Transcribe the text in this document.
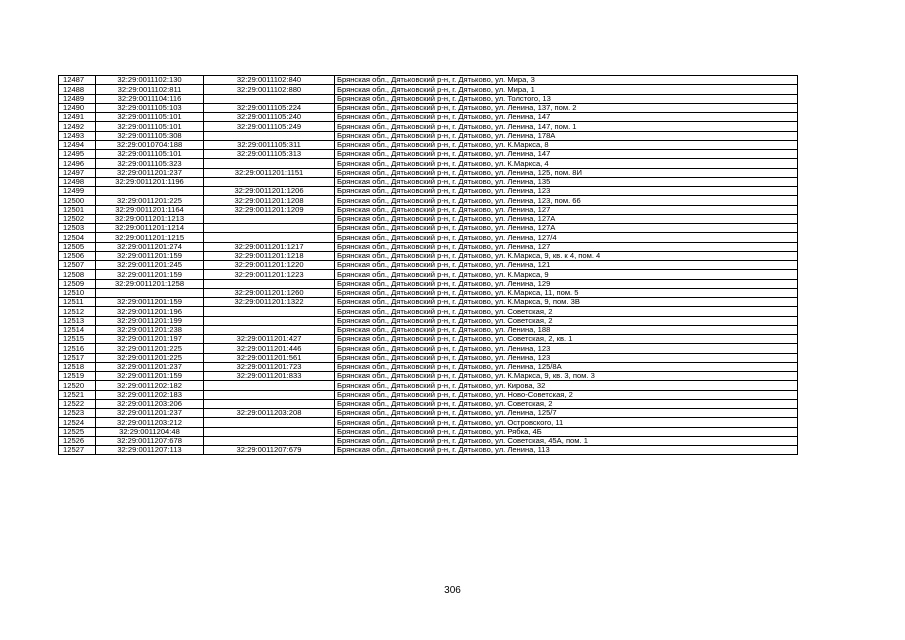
12487	32:29:0011102:130	32:29:0011102:840	Брянская обл., Дятьковский р-н, г. Дятьково, ул. Мира, 3
12488	32:29:0011102:811	32:29:0011102:880	Брянская обл., Дятьковский р-н, г. Дятьково, ул. Мира, 1
12489	32:29:0011104:116		Брянская обл., Дятьковский р-н, г. Дятьково, ул. Толстого, 13
12490	32:29:0011105:103	32:29:0011105:224	Брянская обл., Дятьковский р-н, г. Дятьково, ул. Ленина, 137, пом. 2
12491	32:29:0011105:101	32:29:0011105:240	Брянская обл., Дятьковский р-н, г. Дятьково, ул. Ленина, 147
12492	32:29:0011105:101	32:29:0011105:249	Брянская обл., Дятьковский р-н, г. Дятьково, ул. Ленина, 147, пом. 1
12493	32:29:0011105:308		Брянская обл., Дятьковский р-н, г. Дятьково, ул. Ленина, 178А
12494	32:29:0010704:188	32:29:0011105:311	Брянская обл., Дятьковский р-н, г. Дятьково, ул. К.Маркса, 8
12495	32:29:0011105:101	32:29:0011105:313	Брянская обл., Дятьковский р-н, г. Дятьково, ул. Ленина, 147
12496	32:29:0011105:323		Брянская обл., Дятьковский р-н, г. Дятьково, ул. К.Маркса, 4
12497	32:29:0011201:237	32:29:0011201:1151	Брянская обл., Дятьковский р-н, г. Дятьково, ул. Ленина, 125, пом. 8И
12498	32:29:0011201:1196		Брянская обл., Дятьковский р-н, г. Дятьково, ул. Ленина, 135
12499		32:29:0011201:1206	Брянская обл., Дятьковский р-н, г. Дятьково, ул. Ленина, 123
12500	32:29:0011201:225	32:29:0011201:1208	Брянская обл., Дятьковский р-н, г. Дятьково, ул. Ленина, 123, пом. 66
12501	32:29:0011201:1164	32:29:0011201:1209	Брянская обл., Дятьковский р-н, г. Дятьково, ул. Ленина, 127
12502	32:29:0011201:1213		Брянская обл., Дятьковский р-н, г. Дятьково, ул. Ленина, 127А
12503	32:29:0011201:1214		Брянская обл., Дятьковский р-н, г. Дятьково, ул. Ленина, 127А
12504	32:29:0011201:1215		Брянская обл., Дятьковский р-н, г. Дятьково, ул. Ленина, 127/4
12505	32:29:0011201:274	32:29:0011201:1217	Брянская обл., Дятьковский р-н, г. Дятьково, ул. Ленина, 127
12506	32:29:0011201:159	32:29:0011201:1218	Брянская обл., Дятьковский р-н, г. Дятьково, ул. К.Маркса, 9, кв. к 4, пом. 4
12507	32:29:0011201:245	32:29:0011201:1220	Брянская обл., Дятьковский р-н, г. Дятьково, ул. Ленина, 121
12508	32:29:0011201:159	32:29:0011201:1223	Брянская обл., Дятьковский р-н, г. Дятьково, ул. К.Маркса, 9
12509	32:29:0011201:1258		Брянская обл., Дятьковский р-н, г. Дятьково, ул. Ленина, 129
12510		32:29:0011201:1260	Брянская обл., Дятьковский р-н, г. Дятьково, ул. К.Маркса, 11, пом. 5
12511	32:29:0011201:159	32:29:0011201:1322	Брянская обл., Дятьковский р-н, г. Дятьково, ул. К.Маркса, 9, пом. 3В
12512	32:29:0011201:196		Брянская обл., Дятьковский р-н, г. Дятьково, ул. Советская, 2
12513	32:29:0011201:199		Брянская обл., Дятьковский р-н, г. Дятьково, ул. Советская, 2
12514	32:29:0011201:238		Брянская обл., Дятьковский р-н, г. Дятьково, ул. Ленина, 188
12515	32:29:0011201:197	32:29:0011201:427	Брянская обл., Дятьковский р-н, г. Дятьково, ул. Советская, 2, кв. 1
12516	32:29:0011201:225	32:29:0011201:446	Брянская обл., Дятьковский р-н, г. Дятьково, ул. Ленина, 123
12517	32:29:0011201:225	32:29:0011201:561	Брянская обл., Дятьковский р-н, г. Дятьково, ул. Ленина, 123
12518	32:29:0011201:237	32:29:0011201:723	Брянская обл., Дятьковский р-н, г. Дятьково, ул. Ленина, 125/8А
12519	32:29:0011201:159	32:29:0011201:833	Брянская обл., Дятьковский р-н, г. Дятьково, ул. К.Маркса, 9, кв. 3, пом. 3
12520	32:29:0011202:182		Брянская обл., Дятьковский р-н, г. Дятьково, ул. Кирова, 32
12521	32:29:0011202:183		Брянская обл., Дятьковский р-н, г. Дятьково, ул. Ново-Советская, 2
12522	32:29:0011203:206		Брянская обл., Дятьковский р-н, г. Дятьково, ул. Советская, 2
12523	32:29:0011201:237	32:29:0011203:208	Брянская обл., Дятьковский р-н, г. Дятьково, ул. Ленина, 125/7
12524	32:29:0011203:212		Брянская обл., Дятьковский р-н, г. Дятьково, ул. Островского, 11
12525	32:29:0011204:48		Брянская обл., Дятьковский р-н, г. Дятьково, ул. Рябка, 4Б
12526	32:29:0011207:678		Брянская обл., Дятьковский р-н, г. Дятьково, ул. Советская, 45А, пом. 1
12527	32:29:0011207:113	32:29:0011207:679	Брянская обл., Дятьковский р-н, г. Дятьково, ул. Ленина, 113
306
